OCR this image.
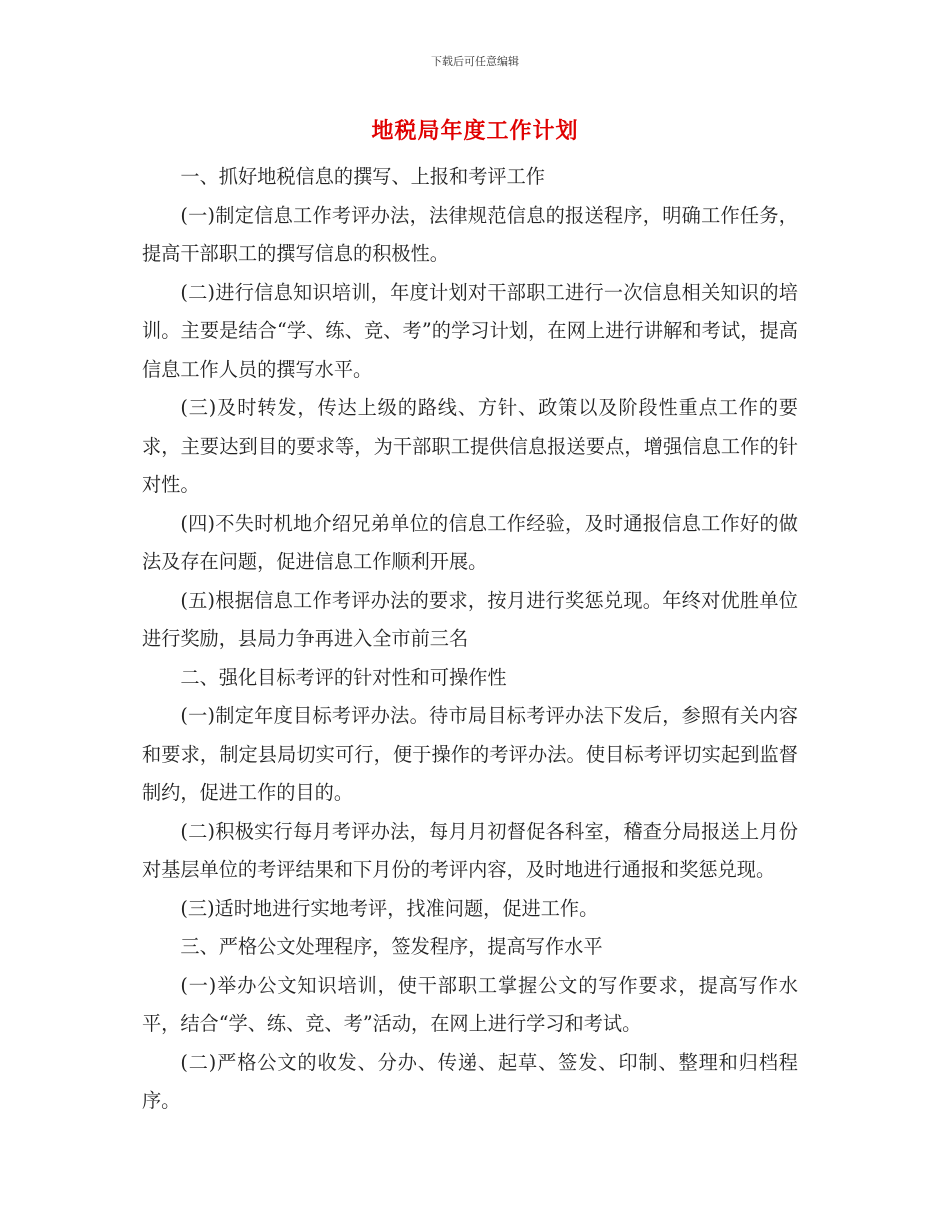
下载后可任意编辑
地税局年度工作计划

一、抓好地税信息的撰写、上报和考评工作

(一)制定信息工作考评办法，法律规范信息的报送程序，明确工作任务，提高干部职工的撰写信息的积极性。

(二)进行信息知识培训，年度计划对干部职工进行一次信息相关知识的培训。主要是结合“学、练、竞、考”的学习计划，在网上进行讲解和考试，提高信息工作人员的撰写水平。

(三)及时转发，传达上级的路线、方针、政策以及阶段性重点工作的要求，主要达到目的要求等，为干部职工提供信息报送要点，增强信息工作的针对性。

(四)不失时机地介绍兄弟单位的信息工作经验，及时通报信息工作好的做法及存在问题，促进信息工作顺利开展。

(五)根据信息工作考评办法的要求，按月进行奖惩兑现。年终对优胜单位进行奖励，县局力争再进入全市前三名

二、强化目标考评的针对性和可操作性

(一)制定年度目标考评办法。待市局目标考评办法下发后，参照有关内容和要求，制定县局切实可行，便于操作的考评办法。使目标考评切实起到监督制约，促进工作的目的。

(二)积极实行每月考评办法，每月月初督促各科室，稽查分局报送上月份对基层单位的考评结果和下月份的考评内容，及时地进行通报和奖惩兑现。

(三)适时地进行实地考评，找准问题，促进工作。

三、严格公文处理程序，签发程序，提高写作水平

(一)举办公文知识培训，使干部职工掌握公文的写作要求，提高写作水平，结合“学、练、竞、考”活动，在网上进行学习和考试。

(二)严格公文的收发、分办、传递、起草、签发、印制、整理和归档程序。
